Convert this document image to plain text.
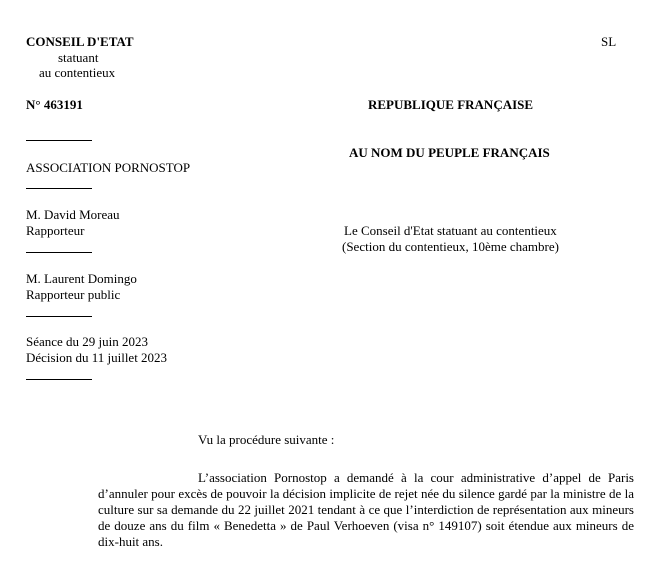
CONSEIL D'ETAT
statuant
au contentieux
SL
N° 463191	REPUBLIQUE FRANÇAISE
AU NOM DU PEUPLE FRANÇAIS
ASSOCIATION PORNOSTOP
M. David Moreau
Rapporteur	Le Conseil d'Etat statuant au contentieux
(Section du contentieux, 10ème chambre)
M. Laurent Domingo
Rapporteur public
Séance du 29 juin 2023
Décision du 11 juillet 2023
Vu la procédure suivante :
L’association Pornostop a demandé à la cour administrative d’appel de Paris d’annuler pour excès de pouvoir la décision implicite de rejet née du silence gardé par la ministre de la culture sur sa demande du 22 juillet 2021 tendant à ce que l’interdiction de représentation aux mineurs de douze ans du film « Benedetta » de Paul Verhoeven (visa n° 149107) soit étendue aux mineurs de dix-huit ans.
